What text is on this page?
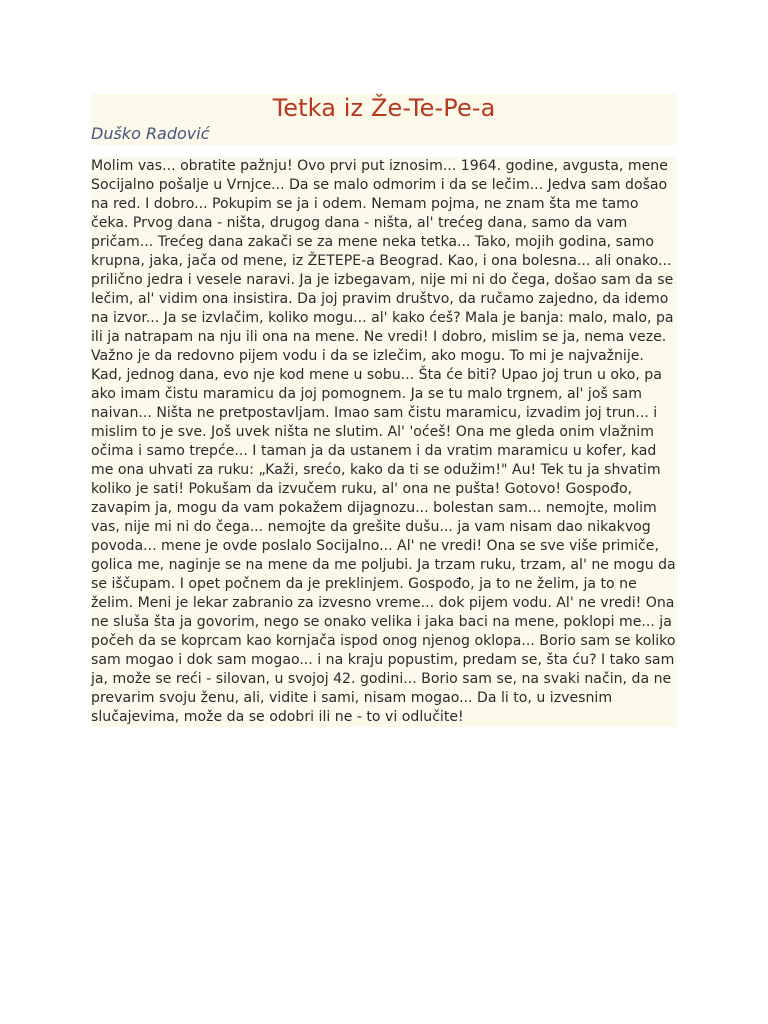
Tetka iz Že-Te-Pe-a
Duško Radović

Molim vas... obratite pažnju! Ovo prvi put iznosim... 1964. godine, avgusta, mene Socijalno pošalje u Vrnjce... Da se malo odmorim i da se lečim... Jedva sam došao na red. I dobro... Pokupim se ja i odem. Nemam pojma, ne znam šta me tamo čeka. Prvog dana - ništa, drugog dana - ništa, al' trećeg dana, samo da vam pričam... Trećeg dana zakači se za mene neka tetka... Tako, mojih godina, samo krupna, jaka, jača od mene, iz ŽETEPE-a Beograd. Kao, i ona bolesna... ali onako... prilično jedra i vesele naravi. Ja je izbegavam, nije mi ni do čega, došao sam da se lečim, al' vidim ona insistira. Da joj pravim društvo, da ručamo zajedno, da idemo na izvor... Ja se izvlačim, koliko mogu... al' kako ćeš? Mala je banja: malo, malo, pa ili ja natrapam na nju ili ona na mene. Ne vredi! I dobro, mislim se ja, nema veze. Važno je da redovno pijem vodu i da se izlečim, ako mogu. To mi je najvažnije. Kad, jednog dana, evo nje kod mene u sobu... Šta će biti? Upao joj trun u oko, pa ako imam čistu maramicu da joj pomognem. Ja se tu malo trgnem, al' još sam naivan... Ništa ne pretpostavljam. Imao sam čistu maramicu, izvadim joj trun... i mislim to je sve. Još uvek ništa ne slutim. Al' 'oćeš! Ona me gleda onim vlažnim očima i samo trepće... I taman ja da ustanem i da vratim maramicu u kofer, kad me ona uhvati za ruku: „Kaži, srećo, kako da ti se odužim!" Au! Tek tu ja shvatim koliko je sati! Pokušam da izvučem ruku, al' ona ne pušta! Gotovo! Gospođo, zavapim ja, mogu da vam pokažem dijagnozu... bolestan sam... nemojte, molim vas, nije mi ni do čega... nemojte da grešite dušu... ja vam nisam dao nikakvog povoda... mene je ovde poslalo Socijalno... Al' ne vredi! Ona se sve više primiče, golica me, naginje se na mene da me poljubi. Ja trzam ruku, trzam, al' ne mogu da se iščupam. I opet počnem da je preklinjem. Gospođo, ja to ne želim, ja to ne želim. Meni je lekar zabranio za izvesno vreme... dok pijem vodu. Al' ne vredi! Ona ne sluša šta ja govorim, nego se onako velika i jaka baci na mene, poklopi me... ja počeh da se koprcam kao kornjača ispod onog njenog oklopa... Borio sam se koliko sam mogao i dok sam mogao... i na kraju popustim, predam se, šta ću? I tako sam ja, može se reći - silovan, u svojoj 42. godini... Borio sam se, na svaki način, da ne prevarim svoju ženu, ali, vidite i sami, nisam mogao... Da li to, u izvesnim slučajevima, može da se odobri ili ne - to vi odlučite!
